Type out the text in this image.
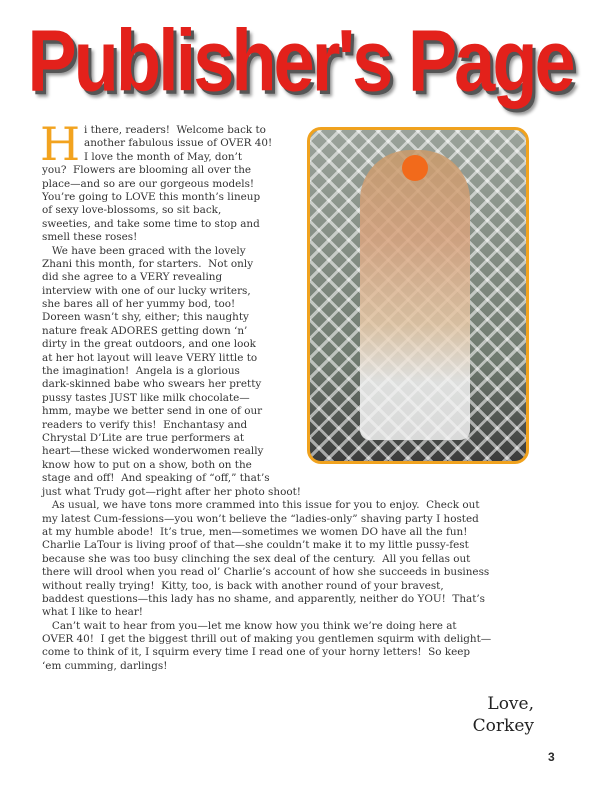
Publisher's Page
H i there, readers!  Welcome back to
another fabulous issue of OVER 40!
I love the month of May, don’t
you?  Flowers are blooming all over the
place—and so are our gorgeous models!
You’re going to LOVE this month’s lineup
of sexy love-blossoms, so sit back,
sweeties, and take some time to stop and
smell these roses!
We have been graced with the lovely
Zhani this month, for starters.  Not only
did she agree to a VERY revealing
interview with one of our lucky writers,
she bares all of her yummy bod, too!
Doreen wasn’t shy, either; this naughty
nature freak ADORES getting down ‘n’
dirty in the great outdoors, and one look
at her hot layout will leave VERY little to
the imagination!  Angela is a glorious
dark-skinned babe who swears her pretty
pussy tastes JUST like milk chocolate—
hmm, maybe we better send in one of our
readers to verify this!  Enchantasy and
Chrystal D’Lite are true performers at
heart—these wicked wonderwomen really
know how to put on a show, both on the
stage and off!  And speaking of “off,” that’s
just what Trudy got—right after her photo shoot!
As usual, we have tons more crammed into this issue for you to enjoy.  Check out
my latest Cum-fessions—you won’t believe the “ladies-only” shaving party I hosted
at my humble abode!  It’s true, men—sometimes we women DO have all the fun!
Charlie LaTour is living proof of that—she couldn’t make it to my little pussy-fest
because she was too busy clinching the sex deal of the century.  All you fellas out
there will drool when you read ol’ Charlie’s account of how she succeeds in business
without really trying!  Kitty, too, is back with another round of your bravest,
baddest questions—this lady has no shame, and apparently, neither do YOU!  That’s
what I like to hear!
Can’t wait to hear from you—let me know how you think we’re doing here at
OVER 40!  I get the biggest thrill out of making you gentlemen squirm with delight—
come to think of it, I squirm every time I read one of your horny letters!  So keep
‘em cumming, darlings!
Love,
Corkey
3
